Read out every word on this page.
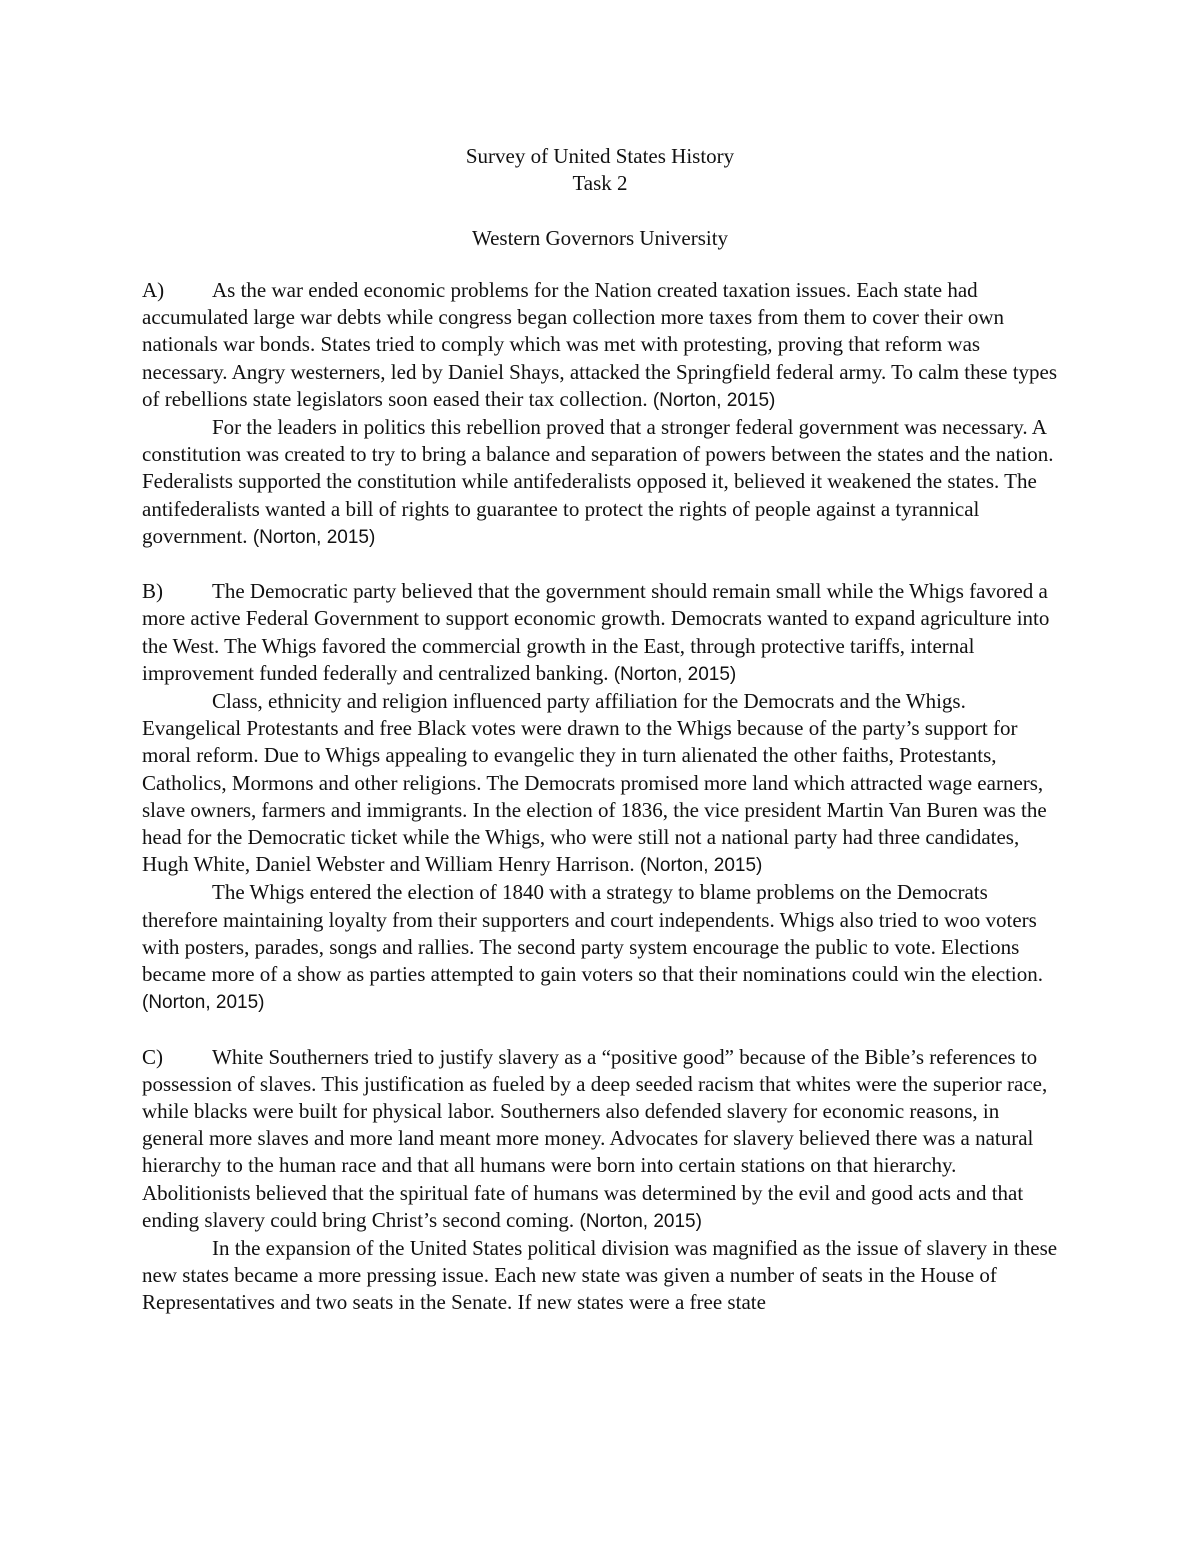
Survey of United States History
Task 2
Western Governors University

A) As the war ended economic problems for the Nation created taxation issues. Each state had accumulated large war debts while congress began collection more taxes from them to cover their own nationals war bonds. States tried to comply which was met with protesting, proving that reform was necessary. Angry westerners, led by Daniel Shays, attacked the Springfield federal army. To calm these types of rebellions state legislators soon eased their tax collection. (Norton, 2015)

For the leaders in politics this rebellion proved that a stronger federal government was necessary. A constitution was created to try to bring a balance and separation of powers between the states and the nation. Federalists supported the constitution while antifederalists opposed it, believed it weakened the states. The antifederalists wanted a bill of rights to guarantee to protect the rights of people against a tyrannical government. (Norton, 2015)

B) The Democratic party believed that the government should remain small while the Whigs favored a more active Federal Government to support economic growth. Democrats wanted to expand agriculture into the West. The Whigs favored the commercial growth in the East, through protective tariffs, internal improvement funded federally and centralized banking. (Norton, 2015)

Class, ethnicity and religion influenced party affiliation for the Democrats and the Whigs. Evangelical Protestants and free Black votes were drawn to the Whigs because of the party’s support for moral reform. Due to Whigs appealing to evangelic they in turn alienated the other faiths, Protestants, Catholics, Mormons and other religions. The Democrats promised more land which attracted wage earners, slave owners, farmers and immigrants. In the election of 1836, the vice president Martin Van Buren was the head for the Democratic ticket while the Whigs, who were still not a national party had three candidates, Hugh White, Daniel Webster and William Henry Harrison. (Norton, 2015)

The Whigs entered the election of 1840 with a strategy to blame problems on the Democrats therefore maintaining loyalty from their supporters and court independents. Whigs also tried to woo voters with posters, parades, songs and rallies. The second party system encourage the public to vote. Elections became more of a show as parties attempted to gain voters so that their nominations could win the election. (Norton, 2015)

C) White Southerners tried to justify slavery as a “positive good” because of the Bible’s references to possession of slaves. This justification as fueled by a deep seeded racism that whites were the superior race, while blacks were built for physical labor. Southerners also defended slavery for economic reasons, in general more slaves and more land meant more money. Advocates for slavery believed there was a natural hierarchy to the human race and that all humans were born into certain stations on that hierarchy. Abolitionists believed that the spiritual fate of humans was determined by the evil and good acts and that ending slavery could bring Christ’s second coming. (Norton, 2015)

In the expansion of the United States political division was magnified as the issue of slavery in these new states became a more pressing issue. Each new state was given a number of seats in the House of Representatives and two seats in the Senate. If new states were a free state
